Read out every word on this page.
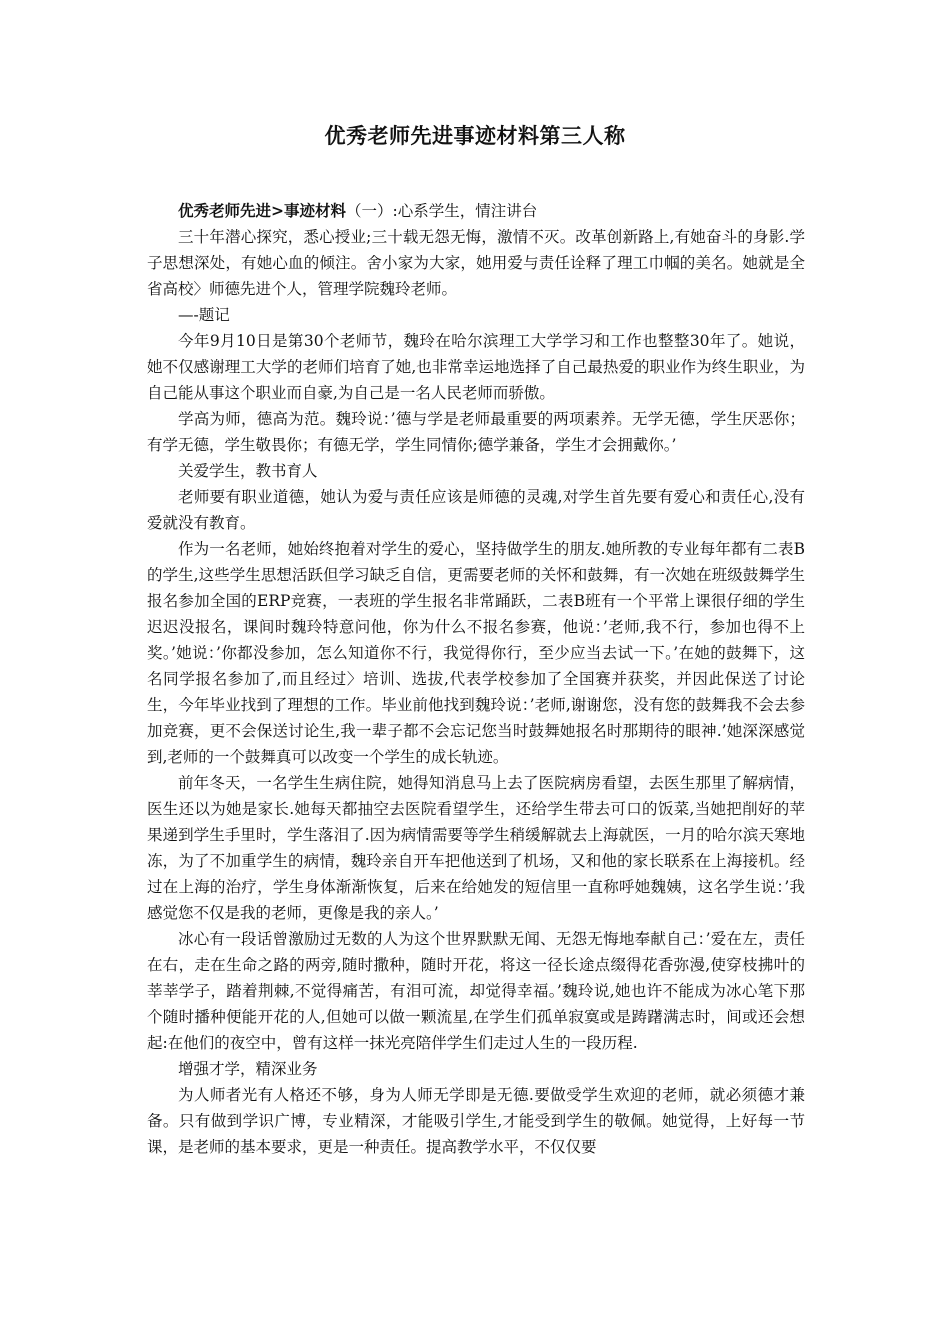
优秀老师先进事迹材料第三人称

优秀老师先进>事迹材料（一）:心系学生，情注讲台

三十年潜心探究，悉心授业;三十载无怨无悔，激情不灭。改革创新路上,有她奋斗的身影.学子思想深处，有她心血的倾注。舍小家为大家，她用爱与责任诠释了理工巾帼的美名。她就是全省高校〉师德先进个人，管理学院魏玲老师。

—-题记

今年9月10日是第30个老师节，魏玲在哈尔滨理工大学学习和工作也整整30年了。她说，她不仅感谢理工大学的老师们培育了她,也非常幸运地选择了自己最热爱的职业作为终生职业，为自己能从事这个职业而自豪,为自己是一名人民老师而骄傲。

学高为师，德高为范。魏玲说：’德与学是老师最重要的两项素养。无学无德，学生厌恶你；有学无德，学生敬畏你；有德无学，学生同情你;德学兼备，学生才会拥戴你。’

关爱学生，教书育人

老师要有职业道德，她认为爱与责任应该是师德的灵魂,对学生首先要有爱心和责任心,没有爱就没有教育。

作为一名老师，她始终抱着对学生的爱心，坚持做学生的朋友.她所教的专业每年都有二表B的学生,这些学生思想活跃但学习缺乏自信，更需要老师的关怀和鼓舞，有一次她在班级鼓舞学生报名参加全国的ERP竞赛，一表班的学生报名非常踊跃，二表B班有一个平常上课很仔细的学生迟迟没报名，课间时魏玲特意问他，你为什么不报名参赛，他说：’老师,我不行，参加也得不上奖。’她说：’你都没参加，怎么知道你不行，我觉得你行，至少应当去试一下。’在她的鼓舞下，这名同学报名参加了,而且经过〉培训、选拔,代表学校参加了全国赛并获奖，并因此保送了讨论生，今年毕业找到了理想的工作。毕业前他找到魏玲说：’老师,谢谢您，没有您的鼓舞我不会去参加竞赛，更不会保送讨论生,我一辈子都不会忘记您当时鼓舞她报名时那期待的眼神.’她深深感觉到,老师的一个鼓舞真可以改变一个学生的成长轨迹。

前年冬天，一名学生生病住院，她得知消息马上去了医院病房看望，去医生那里了解病情，医生还以为她是家长.她每天都抽空去医院看望学生，还给学生带去可口的饭菜,当她把削好的苹果递到学生手里时，学生落泪了.因为病情需要等学生稍缓解就去上海就医，一月的哈尔滨天寒地冻，为了不加重学生的病情，魏玲亲自开车把他送到了机场，又和他的家长联系在上海接机。经过在上海的治疗，学生身体渐渐恢复，后来在给她发的短信里一直称呼她魏姨，这名学生说：’我感觉您不仅是我的老师，更像是我的亲人。’

冰心有一段话曾激励过无数的人为这个世界默默无闻、无怨无悔地奉献自己：’爱在左，责任在右，走在生命之路的两旁,随时撒种，随时开花，将这一径长途点缀得花香弥漫,使穿枝拂叶的莘莘学子，踏着荆棘,不觉得痛苦，有泪可流，却觉得幸福。’魏玲说,她也许不能成为冰心笔下那个随时播种便能开花的人,但她可以做一颗流星,在学生们孤单寂寞或是踌躇满志时，间或还会想起:在他们的夜空中，曾有这样一抹光亮陪伴学生们走过人生的一段历程.

增强才学，精深业务

为人师者光有人格还不够，身为人师无学即是无德.要做受学生欢迎的老师，就必须德才兼备。只有做到学识广博，专业精深，才能吸引学生,才能受到学生的敬佩。她觉得，上好每一节课，是老师的基本要求，更是一种责任。提高教学水平，不仅仅要
